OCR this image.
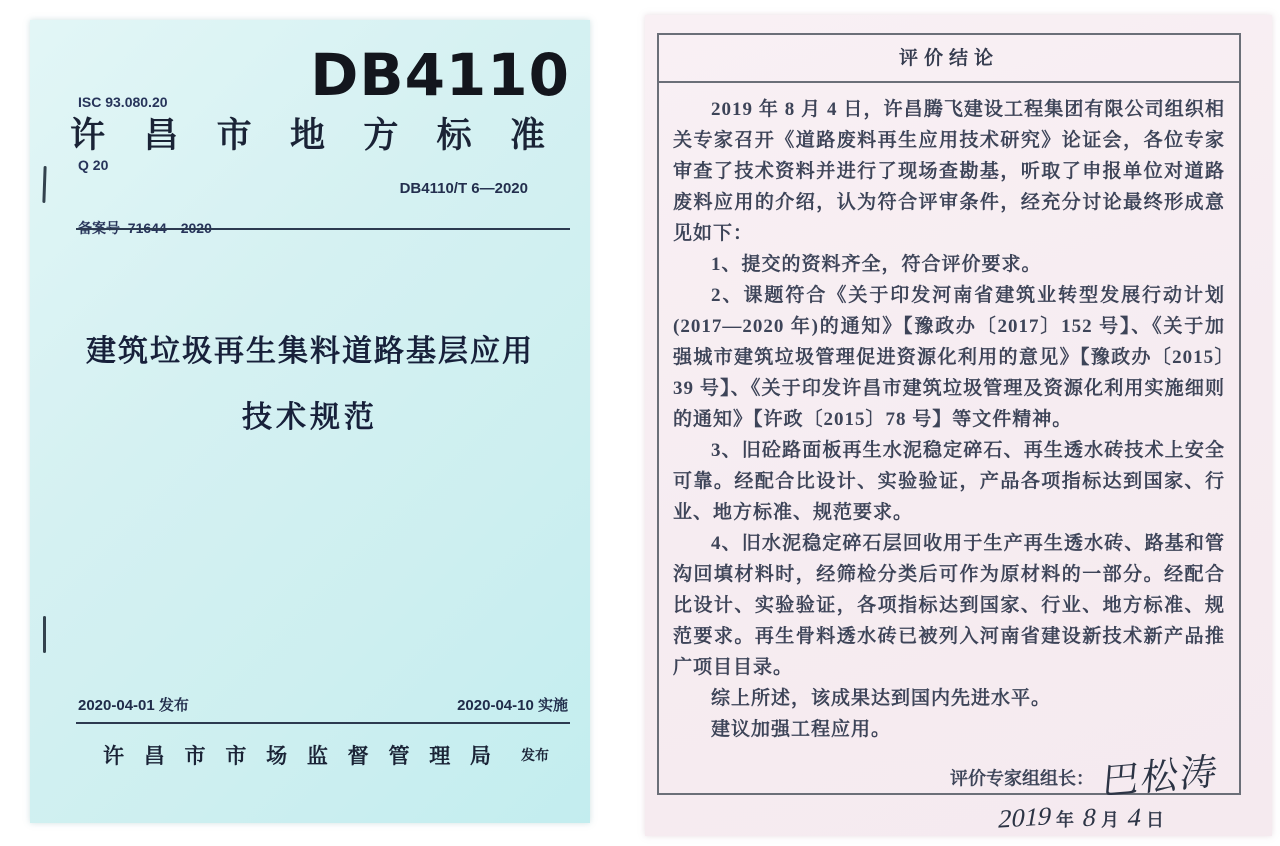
ISC 93.080.20

Q 20

备案号  71644—2020

DB4110
许昌市地方标准
DB4110/T 6—2020
建筑垃圾再生集料道路基层应用
技术规范
2020-04-01 发布	2020-04-10 实施
许昌市市场监督管理局 发布
评价结论

2019 年 8 月 4 日，许昌腾飞建设工程集团有限公司组织相关专家召开《道路废料再生应用技术研究》论证会，各位专家审查了技术资料并进行了现场查勘基，听取了申报单位对道路废料应用的介绍，认为符合评审条件，经充分讨论最终形成意见如下：

1、提交的资料齐全，符合评价要求。

2、课题符合《关于印发河南省建筑业转型发展行动计划(2017—2020 年)的通知》【豫政办〔2017〕152 号】、《关于加强城市建筑垃圾管理促进资源化利用的意见》【豫政办〔2015〕39 号】、《关于印发许昌市建筑垃圾管理及资源化利用实施细则的通知》【许政〔2015〕78 号】等文件精神。

3、旧砼路面板再生水泥稳定碎石、再生透水砖技术上安全可靠。经配合比设计、实验验证，产品各项指标达到国家、行业、地方标准、规范要求。

4、旧水泥稳定碎石层回收用于生产再生透水砖、路基和管沟回填材料时，经筛检分类后可作为原材料的一部分。经配合比设计、实验验证，各项指标达到国家、行业、地方标准、规范要求。再生骨料透水砖已被列入河南省建设新技术新产品推广项目目录。

综上所述，该成果达到国内先进水平。

建议加强工程应用。

评价专家组组长： 巴松涛
2019 年 8 月 4 日
